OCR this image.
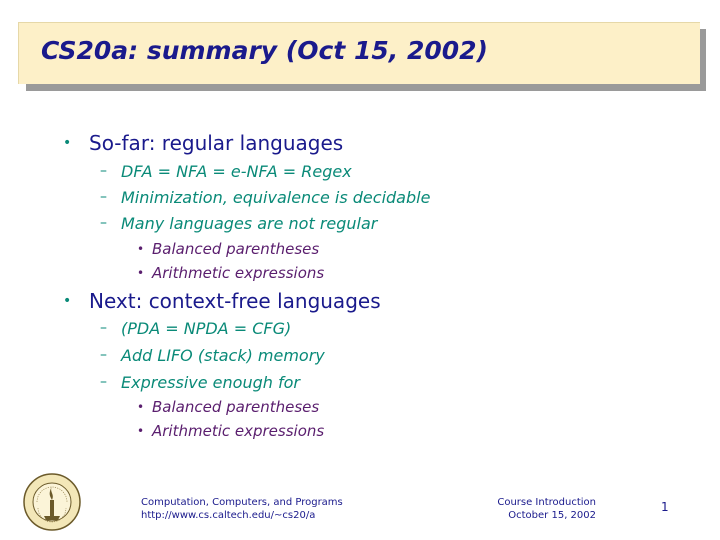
CS20a: summary (Oct 15, 2002)
• So-far: regular languages
– DFA = NFA = e-NFA = Regex
– Minimization, equivalence is decidable
– Many languages are not regular
• Balanced parentheses
• Arithmetic expressions
• Next: context-free languages
– (PDA = NPDA = CFG)
– Add LIFO (stack) memory
– Expressive enough for
• Balanced parentheses
• Arithmetic expressions
Computation, Computers, and Programs
http://www.cs.caltech.edu/~cs20/a
Course Introduction
October 15, 2002
1
